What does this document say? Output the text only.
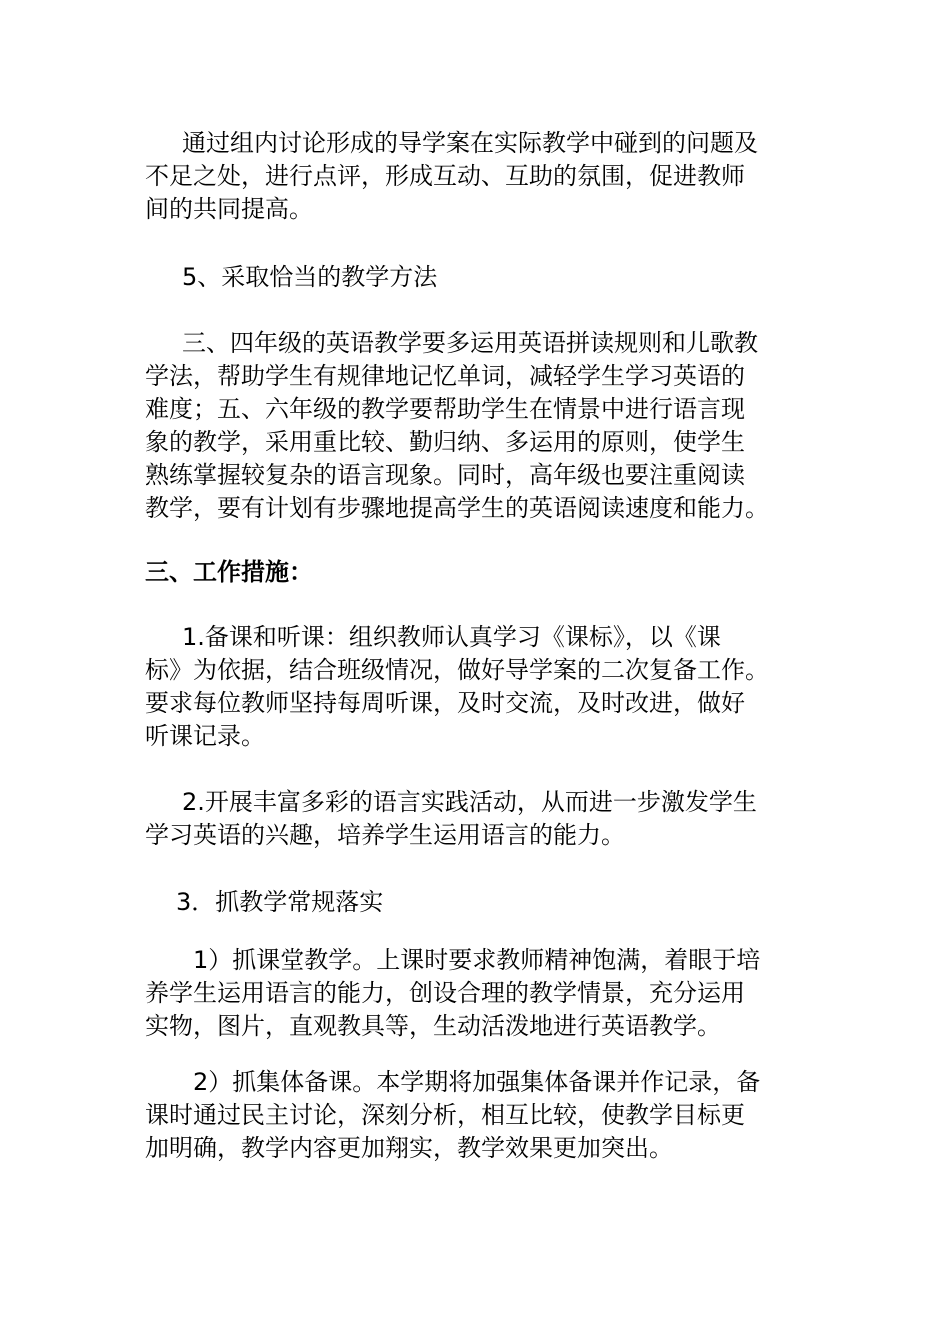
通过组内讨论形成的导学案在实际教学中碰到的问题及

不足之处，进行点评，形成互动、互助的氛围，促进教师

间的共同提高。

5、采取恰当的教学方法

三、四年级的英语教学要多运用英语拼读规则和儿歌教

学法，帮助学生有规律地记忆单词，减轻学生学习英语的

难度；五、六年级的教学要帮助学生在情景中进行语言现

象的教学，采用重比较、勤归纳、多运用的原则，使学生

熟练掌握较复杂的语言现象。同时，高年级也要注重阅读

教学，要有计划有步骤地提高学生的英语阅读速度和能力。

三、工作措施：

1.备课和听课：组织教师认真学习《课标》，以《课

标》为依据，结合班级情况，做好导学案的二次复备工作。

要求每位教师坚持每周听课，及时交流，及时改进，做好

听课记录。

2.开展丰富多彩的语言实践活动，从而进一步激发学生

学习英语的兴趣，培养学生运用语言的能力。

3．抓教学常规落实

1）抓课堂教学。上课时要求教师精神饱满，着眼于培

养学生运用语言的能力，创设合理的教学情景，充分运用

实物，图片，直观教具等，生动活泼地进行英语教学。

2）抓集体备课。本学期将加强集体备课并作记录，备

课时通过民主讨论，深刻分析，相互比较，使教学目标更

加明确，教学内容更加翔实，教学效果更加突出。
